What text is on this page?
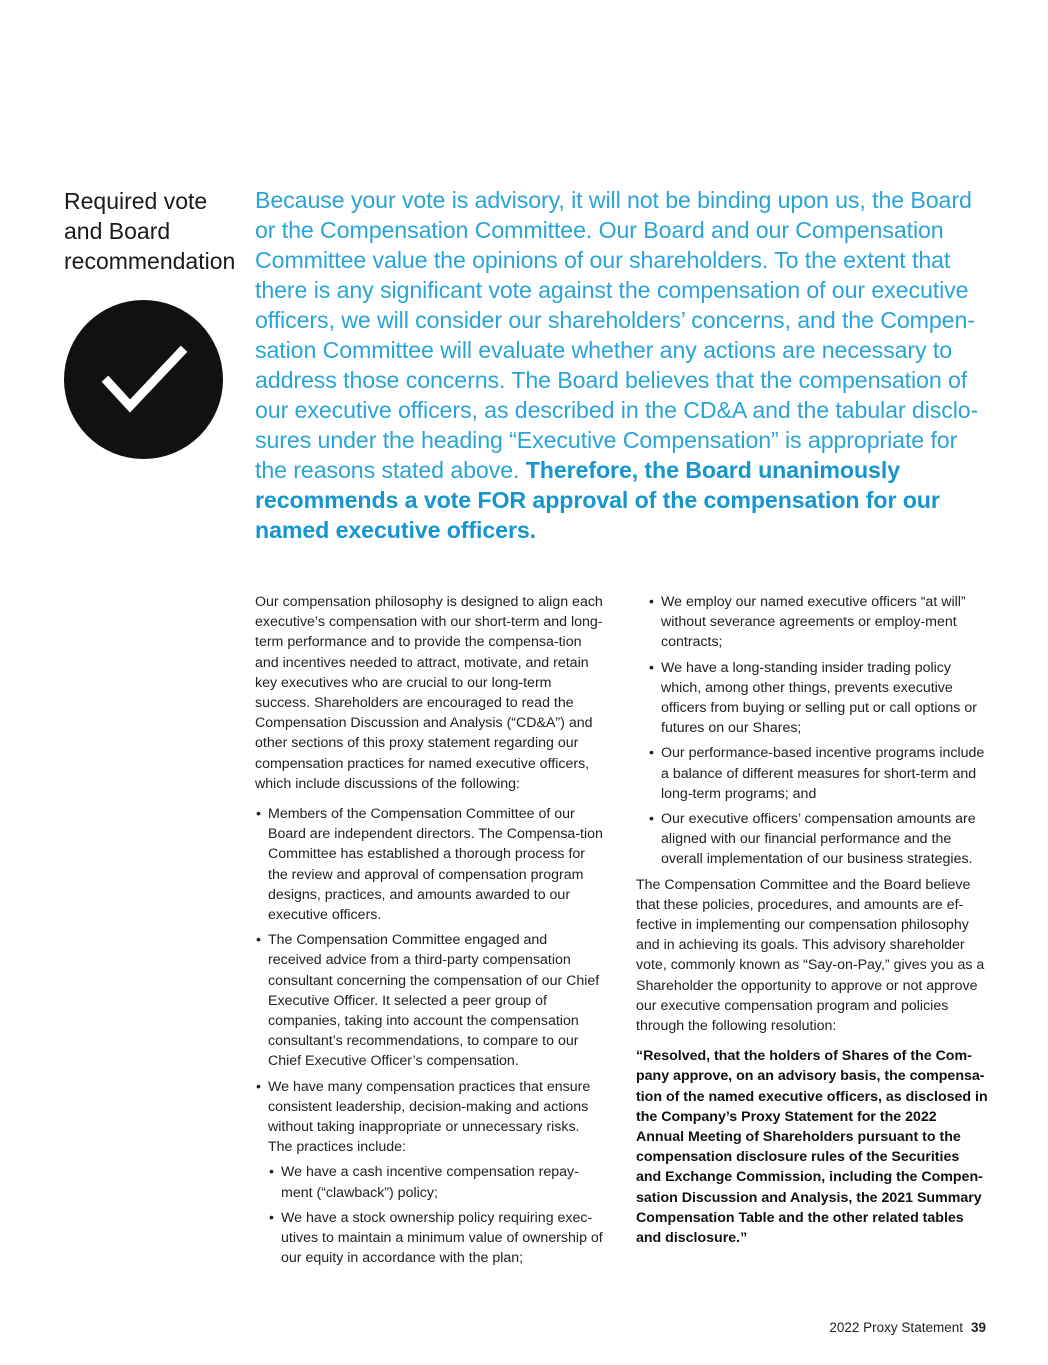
Required vote
and Board
recommendation
Because your vote is advisory, it will not be binding upon us, the Board or the Compensation Committee. Our Board and our Compensation Committee value the opinions of our shareholders. To the extent that there is any significant vote against the compensation of our executive officers, we will consider our shareholders’ concerns, and the Compen-sation Committee will evaluate whether any actions are necessary to address those concerns. The Board believes that the compensation of our executive officers, as described in the CD&A and the tabular disclo-sures under the heading “Executive Compensation” is appropriate for the reasons stated above. Therefore, the Board unanimously recommends a vote FOR approval of the compensation for our named executive officers.

Our compensation philosophy is designed to align each executive’s compensation with our short-term and long-term performance and to provide the compensa-tion and incentives needed to attract, motivate, and retain key executives who are crucial to our long-term success. Shareholders are encouraged to read the Compensation Discussion and Analysis (“CD&A”) and other sections of this proxy statement regarding our compensation practices for named executive officers, which include discussions of the following:

• Members of the Compensation Committee of our Board are independent directors. The Compensa-tion Committee has established a thorough process for the review and approval of compensation program designs, practices, and amounts awarded to our executive officers.
• The Compensation Committee engaged and received advice from a third-party compensation consultant concerning the compensation of our Chief Executive Officer. It selected a peer group of companies, taking into account the compensation consultant’s recommendations, to compare to our Chief Executive Officer’s compensation.
• We have many compensation practices that ensure consistent leadership, decision-making and actions without taking inappropriate or unnecessary risks. The practices include:
• We have a cash incentive compensation repay-ment (“clawback”) policy;
• We have a stock ownership policy requiring exec-utives to maintain a minimum value of ownership of our equity in accordance with the plan;
• We employ our named executive officers “at will” without severance agreements or employ-ment contracts;
• We have a long-standing insider trading policy which, among other things, prevents executive officers from buying or selling put or call options or futures on our Shares;
• Our performance-based incentive programs include a balance of different measures for short-term and long-term programs; and
• Our executive officers’ compensation amounts are aligned with our financial performance and the overall implementation of our business strategies.

The Compensation Committee and the Board believe that these policies, procedures, and amounts are ef-fective in implementing our compensation philosophy and in achieving its goals. This advisory shareholder vote, commonly known as “Say-on-Pay,” gives you as a Shareholder the opportunity to approve or not approve our executive compensation program and policies through the following resolution:

“Resolved, that the holders of Shares of the Com-pany approve, on an advisory basis, the compensa-tion of the named executive officers, as disclosed in the Company’s Proxy Statement for the 2022 Annual Meeting of Shareholders pursuant to the compensation disclosure rules of the Securities and Exchange Commission, including the Compen-sation Discussion and Analysis, the 2021 Summary Compensation Table and the other related tables and disclosure.”

2022 Proxy Statement 39
